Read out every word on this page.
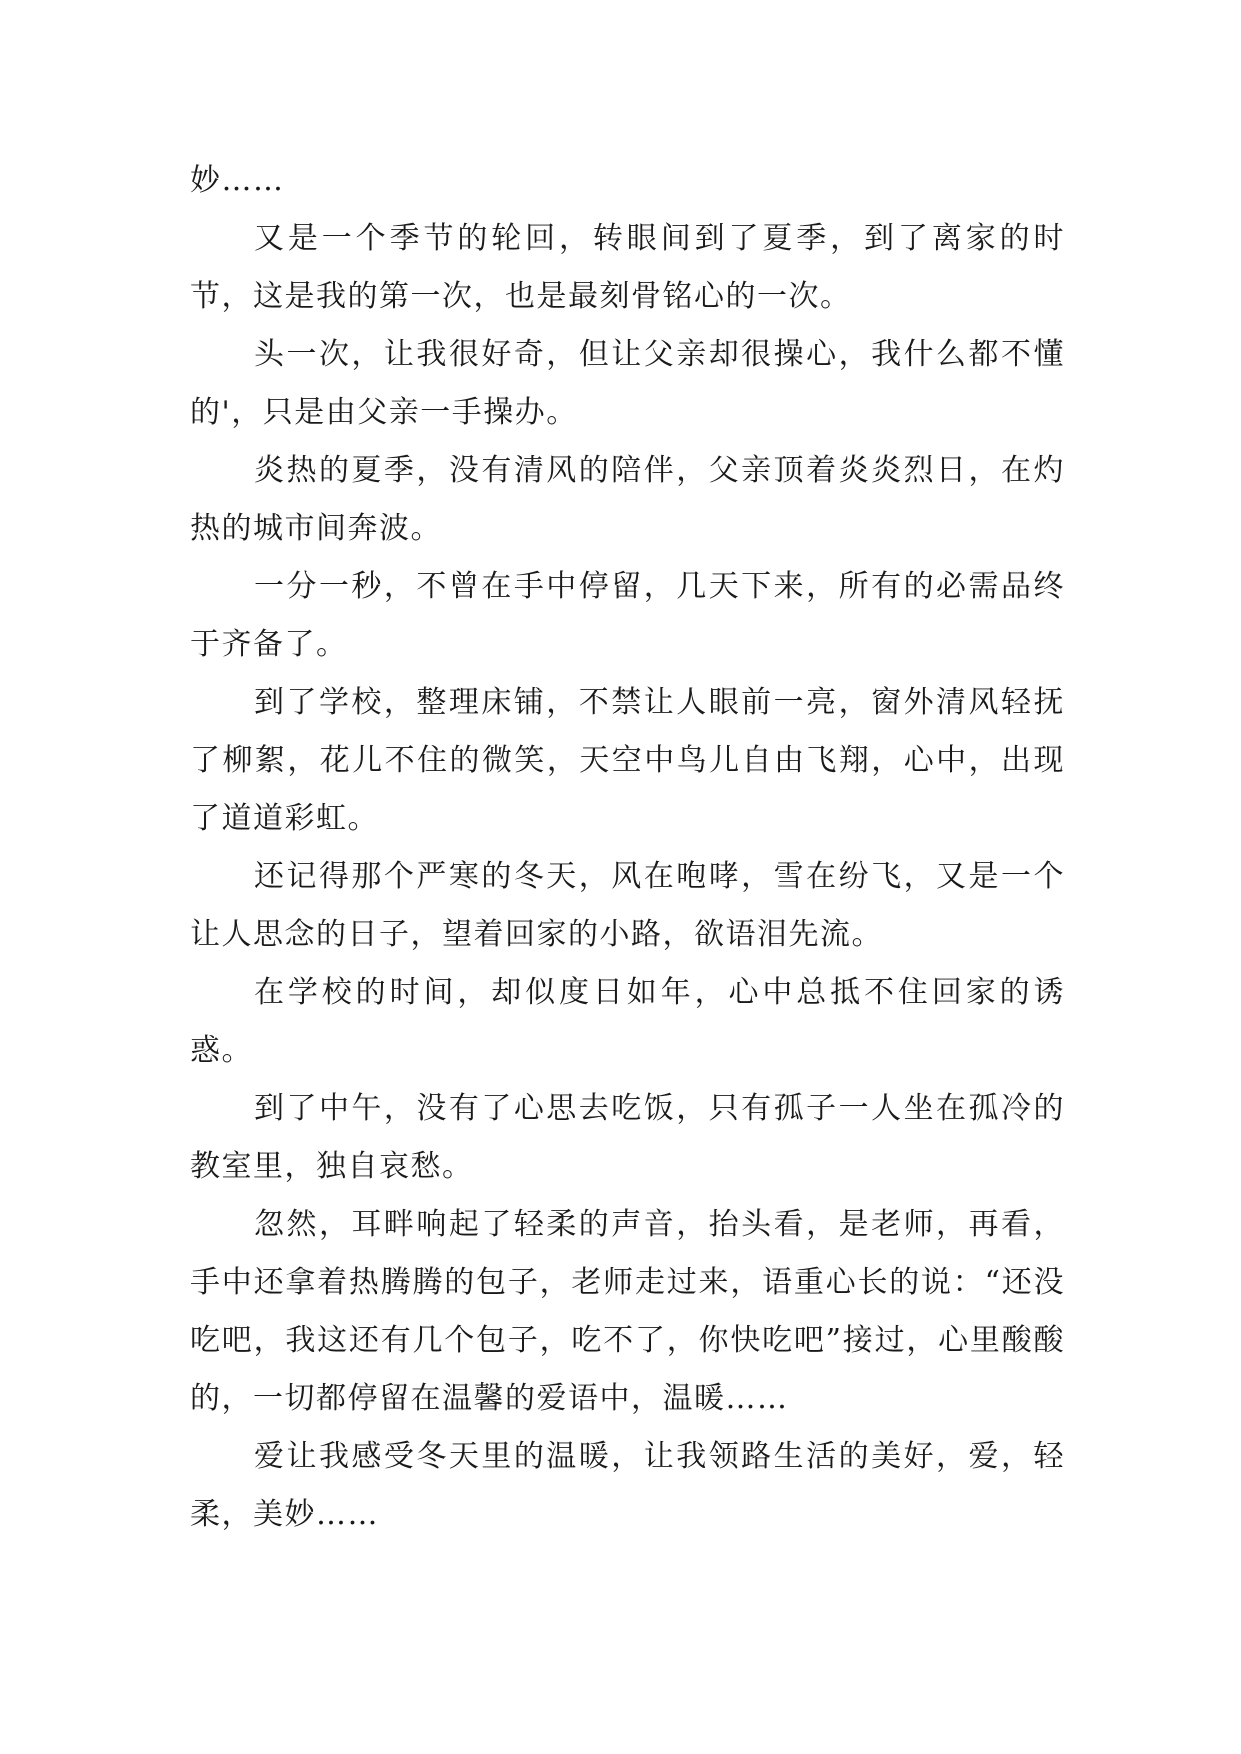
妙……

又是一个季节的轮回，转眼间到了夏季，到了离家的时节，这是我的第一次，也是最刻骨铭心的一次。

头一次，让我很好奇，但让父亲却很操心，我什么都不懂的'，只是由父亲一手操办。

炎热的夏季，没有清风的陪伴，父亲顶着炎炎烈日，在灼热的城市间奔波。

一分一秒，不曾在手中停留，几天下来，所有的必需品终于齐备了。

到了学校，整理床铺，不禁让人眼前一亮，窗外清风轻抚了柳絮，花儿不住的微笑，天空中鸟儿自由飞翔，心中，出现了道道彩虹。

还记得那个严寒的冬天，风在咆哮，雪在纷飞，又是一个让人思念的日子，望着回家的小路，欲语泪先流。

在学校的时间，却似度日如年，心中总抵不住回家的诱惑。

到了中午，没有了心思去吃饭，只有孤子一人坐在孤冷的教室里，独自哀愁。

忽然，耳畔响起了轻柔的声音，抬头看，是老师，再看，手中还拿着热腾腾的包子，老师走过来，语重心长的说：“还没吃吧，我这还有几个包子，吃不了，你快吃吧”接过，心里酸酸的，一切都停留在温馨的爱语中，温暖……

爱让我感受冬天里的温暖，让我领路生活的美好，爱，轻柔，美妙……
